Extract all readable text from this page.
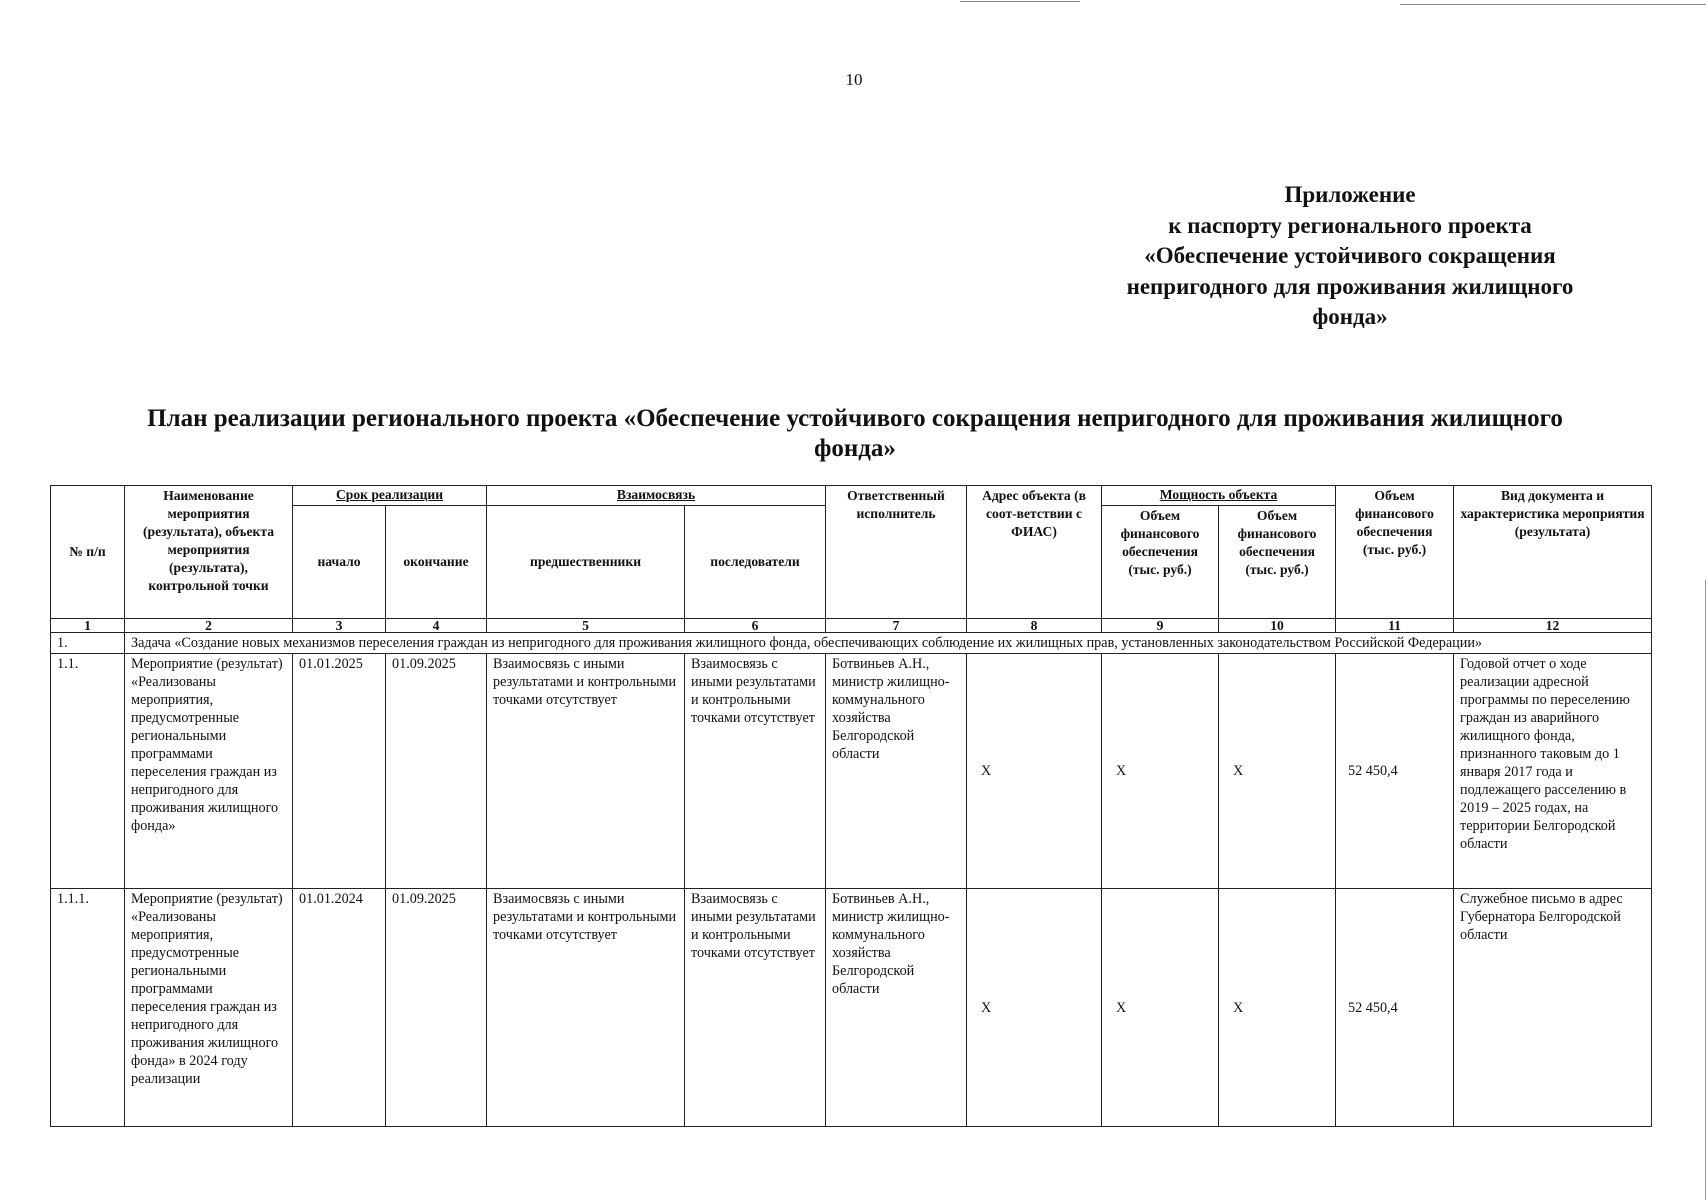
10
Приложение
к паспорту регионального проекта
«Обеспечение устойчивого сокращения
непригодного для проживания жилищного
фонда»
План реализации регионального проекта «Обеспечение устойчивого сокращения непригодного для проживания жилищного фонда»
№ п/п	Наименование мероприятия (результата), объекта мероприятия (результата), контрольной точки	Срок реализации		Взаимосвязь		Ответственный исполнитель	Адрес объекта (в соот-ветствии с ФИАС)	Мощность объекта		Объем финансового обеспечения (тыс. руб.)	Вид документа и характеристика мероприятия (результата)
		начало	окончание	предшественники	последователи			Объем финансового обеспечения (тыс. руб.)	Объем финансового обеспечения (тыс. руб.)		
1	2	3	4	5	6	7	8	9	10	11	12
1.	Задача «Создание новых механизмов переселения граждан из непригодного для проживания жилищного фонда, обеспечивающих соблюдение их жилищных прав, установленных законодательством Российской Федерации»										
1.1.	Мероприятие (результат) «Реализованы мероприятия, предусмотренные региональными программами переселения граждан из непригодного для проживания жилищного фонда»	01.01.2025	01.09.2025	Взаимосвязь с иными результатами и контрольными точками отсутствует	Взаимосвязь с иными результатами и контрольными точками отсутствует	Ботвиньев А.Н., министр жилищно-коммунального хозяйства Белгородской области	X	X	X	52 450,4	Годовой отчет о ходе реализации адресной программы по переселению граждан из аварийного жилищного фонда, признанного таковым до 1 января 2017 года и подлежащего расселению в 2019 – 2025 годах, на территории Белгородской области
1.1.1.	Мероприятие (результат) «Реализованы мероприятия, предусмотренные региональными программами переселения граждан из непригодного для проживания жилищного фонда» в 2024 году реализации	01.01.2024	01.09.2025	Взаимосвязь с иными результатами и контрольными точками отсутствует	Взаимосвязь с иными результатами и контрольными точками отсутствует	Ботвиньев А.Н., министр жилищно-коммунального хозяйства Белгородской области	X	X	X	52 450,4	Служебное письмо в адрес Губернатора Белгородской области
